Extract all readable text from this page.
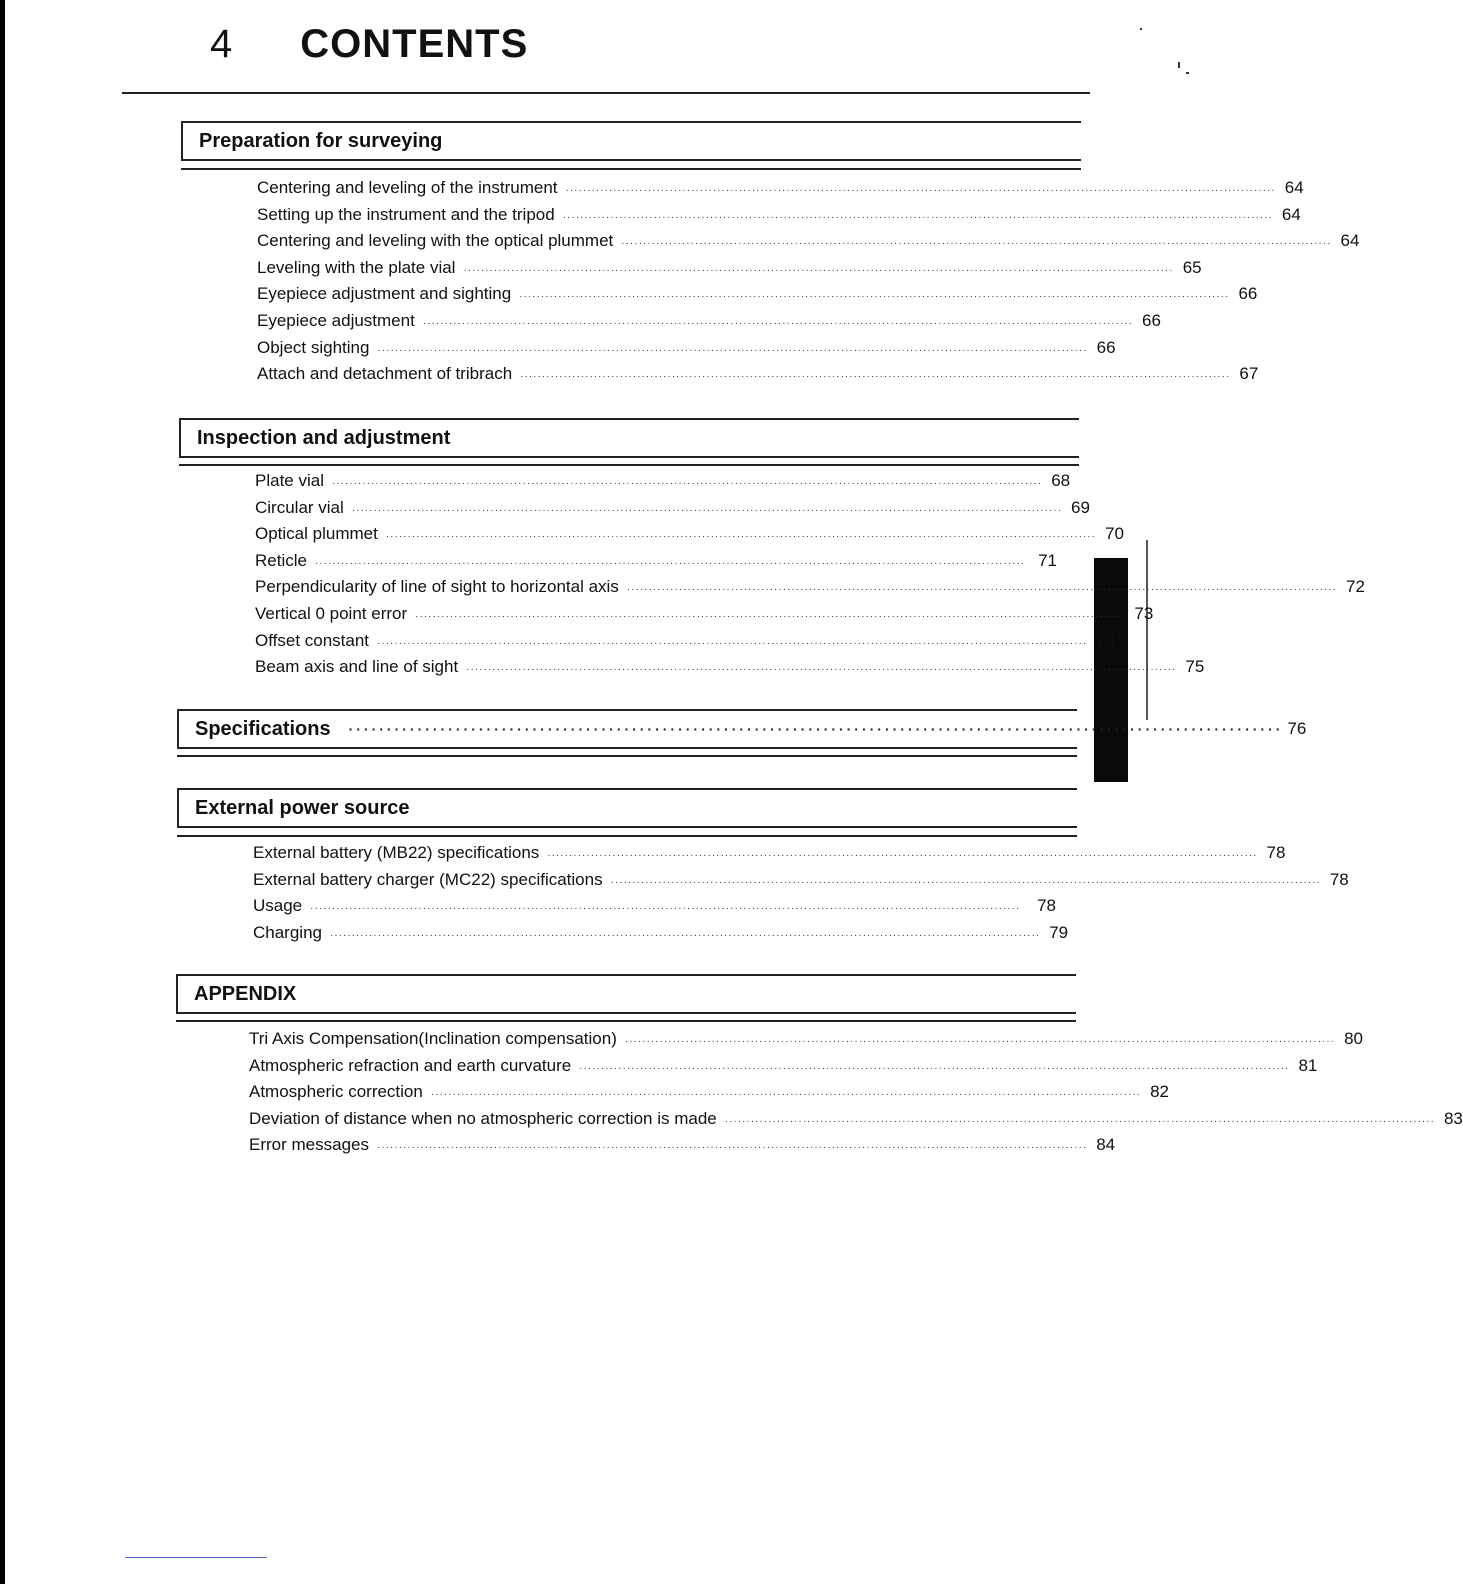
4 CONTENTS
Preparation for surveying
Centering and leveling of the instrument ···································································································································································· 64
Setting up the instrument and the tripod ···································································································································································· 64
Centering and leveling with the optical plummet ···································································································································································· 64
Leveling with the plate vial ···································································································································································· 65
Eyepiece adjustment and sighting ···································································································································································· 66
Eyepiece adjustment ···································································································································································· 66
Object sighting ···································································································································································· 66
Attach and detachment of tribrach ···································································································································································· 67
Inspection and adjustment
Plate vial ···································································································································································· 68
Circular vial ···································································································································································· 69
Optical plummet ···································································································································································· 70
Reticle ···································································································································································· 71
Perpendicularity of line of sight to horizontal axis ···································································································································································· 72
Vertical 0 point error ···································································································································································· 73
Offset constant ···································································································································································· 74
Beam axis and line of sight ···································································································································································· 75
Specifications ·························································································································· 76
External power source
External battery (MB22) specifications ···································································································································································· 78
External battery charger (MC22) specifications ···································································································································································· 78
Usage ···································································································································································· 78
Charging ···································································································································································· 79
APPENDIX
Tri Axis Compensation(Inclination compensation) ···································································································································································· 80
Atmospheric refraction and earth curvature ···································································································································································· 81
Atmospheric correction ···································································································································································· 82
Deviation of distance when no atmospheric correction is made ···································································································································································· 83
Error messages ···································································································································································· 84
